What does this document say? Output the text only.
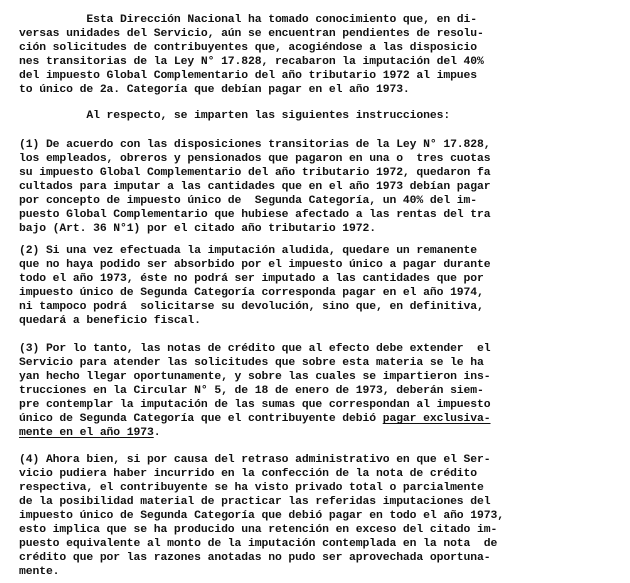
Esta Dirección Nacional ha tomado conocimiento que, en di-
versas unidades del Servicio, aún se encuentran pendientes de resolu-
ción solicitudes de contribuyentes que, acogiéndose a las disposicio
nes transitorias de la Ley N° 17.828, recabaron la imputación del 40%
del impuesto Global Complementario del año tributario 1972 al impues
to único de 2a. Categoría que debían pagar en el año 1973.
Al respecto, se imparten las siguientes instrucciones:
(1) De acuerdo con las disposiciones transitorias de la Ley N° 17.828,
los empleados, obreros y pensionados que pagaron en una o  tres cuotas
su impuesto Global Complementario del año tributario 1972, quedaron fa
cultados para imputar a las cantidades que en el año 1973 debían pagar
por concepto de impuesto único de  Segunda Categoría, un 40% del im-
puesto Global Complementario que hubiese afectado a las rentas del tra
bajo (Art. 36 N°1) por el citado año tributario 1972.
(2) Si una vez efectuada la imputación aludida, quedare un remanente
que no haya podido ser absorbido por el impuesto único a pagar durante
todo el año 1973, éste no podrá ser imputado a las cantidades que por
impuesto único de Segunda Categoría corresponda pagar en el año 1974,
ni tampoco podrá  solicitarse su devolución, sino que, en definitiva,
quedará a beneficio fiscal.
(3) Por lo tanto, las notas de crédito que al efecto debe extender  el
Servicio para atender las solicitudes que sobre esta materia se le ha
yan hecho llegar oportunamente, y sobre las cuales se impartieron ins-
trucciones en la Circular N° 5, de 18 de enero de 1973, deberán siem-
pre contemplar la imputación de las sumas que correspondan al impuesto
único de Segunda Categoría que el contribuyente debió pagar exclusiva-
mente en el año 1973.
(4) Ahora bien, si por causa del retraso administrativo en que el Ser-
vicio pudiera haber incurrido en la confección de la nota de crédito
respectiva, el contribuyente se ha visto privado total o parcialmente
de la posibilidad material de practicar las referidas imputaciones del
impuesto único de Segunda Categoría que debió pagar en todo el año 1973,
esto implica que se ha producido una retención en exceso del citado im-
puesto equivalente al monto de la imputación contemplada en la nota  de
crédito que por las razones anotadas no pudo ser aprovechada oportuna-
mente.
